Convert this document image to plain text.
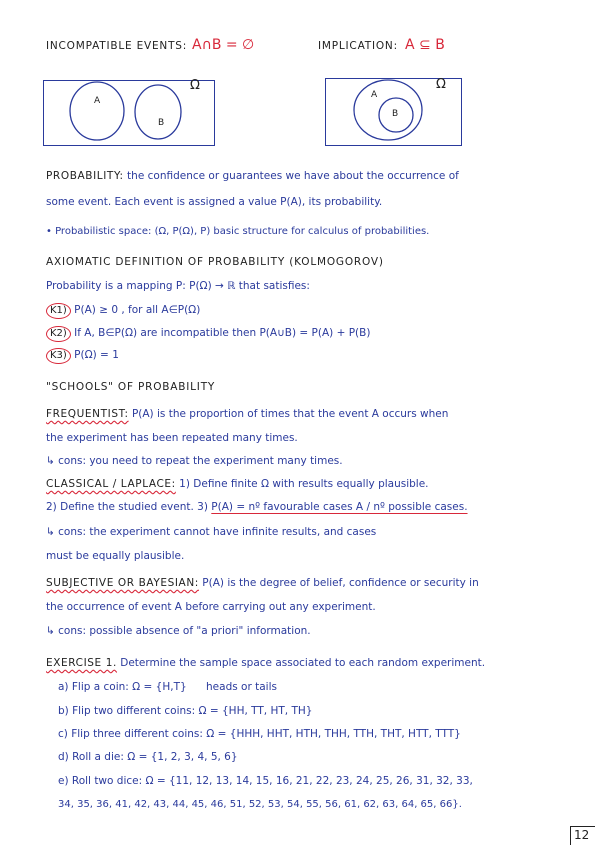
INCOMPATIBLE EVENTS: A∩B = ∅	IMPLICATION: A ⊆ B
Ω
A
B
Ω
A
B
PROBABILITY: the confidence or guarantees we have about the occurrence of
some event. Each event is assigned a value P(A), its probability.
• Probabilistic space: (Ω, P(Ω), P) basic structure for calculus of probabilities.
AXIOMATIC DEFINITION OF PROBABILITY (KOLMOGOROV)
Probability is a mapping P: P(Ω) → ℝ that satisfies:
K1) P(A) ≥ 0 , for all A∈P(Ω)
K2) If A, B∈P(Ω) are incompatible then P(A∪B) = P(A) + P(B)
K3) P(Ω) = 1
"SCHOOLS" OF PROBABILITY
FREQUENTIST: P(A) is the proportion of times that the event A occurs when
the experiment has been repeated many times.
↳ cons: you need to repeat the experiment many times.
CLASSICAL / LAPLACE: 1) Define finite Ω with results equally plausible.
2) Define the studied event. 3) P(A) = nº favourable cases A / nº possible cases.
↳ cons: the experiment cannot have infinite results, and cases
must be equally plausible.
SUBJECTIVE OR BAYESIAN: P(A) is the degree of belief, confidence or security in
the occurrence of event A before carrying out any experiment.
↳ cons: possible absence of "a priori" information.
EXERCISE 1. Determine the sample space associated to each random experiment.
a) Flip a coin: Ω = {H,T} heads or tails
b) Flip two different coins: Ω = {HH, TT, HT, TH}
c) Flip three different coins: Ω = {HHH, HHT, HTH, THH, TTH, THT, HTT, TTT}
d) Roll a die: Ω = {1, 2, 3, 4, 5, 6}
e) Roll two dice: Ω = {11, 12, 13, 14, 15, 16, 21, 22, 23, 24, 25, 26, 31, 32, 33,
34, 35, 36, 41, 42, 43, 44, 45, 46, 51, 52, 53, 54, 55, 56, 61, 62, 63, 64, 65, 66}.
12
